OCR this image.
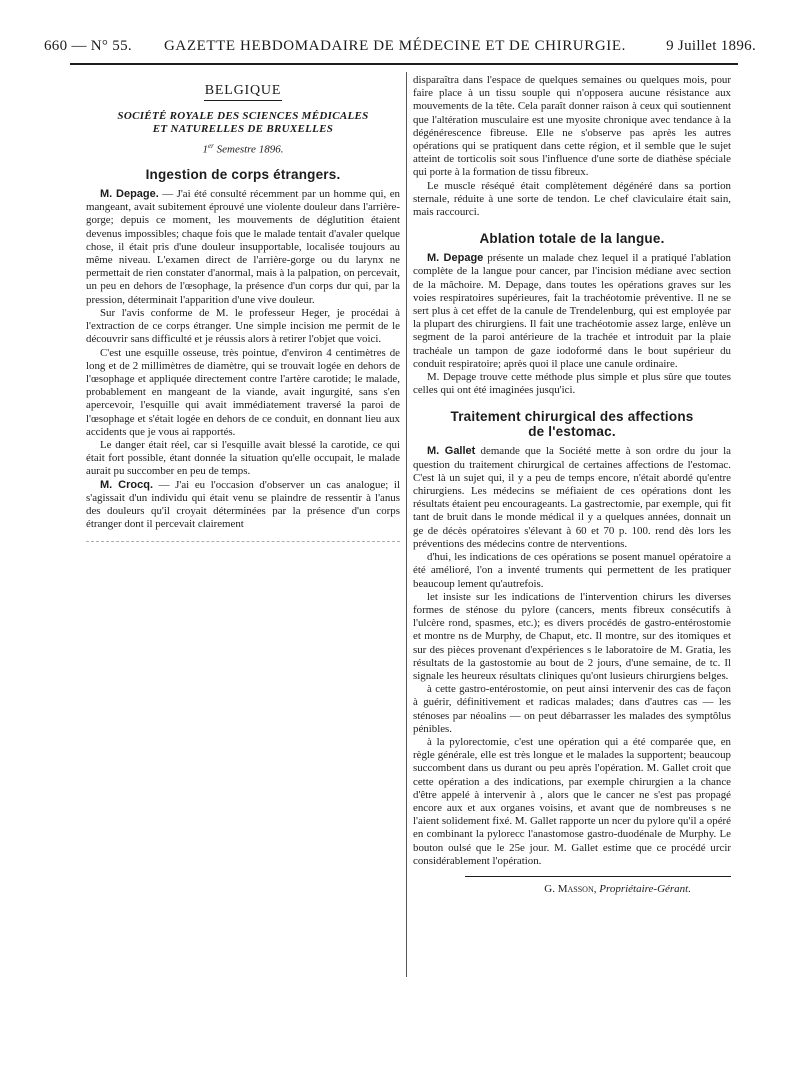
660 — N° 55.	GAZETTE HEBDOMADAIRE DE MÉDECINE ET DE CHIRURGIE.	9 Juillet 1896.
BELGIQUE
SOCIÉTÉ ROYALE DES SCIENCES MÉDICALES
ET NATURELLES DE BRUXELLES
1er Semestre 1896.
Ingestion de corps étrangers.

M. Depage. — J'ai été consulté récemment par un homme qui, en mangeant, avait subitement éprouvé une violente douleur dans l'arrière-gorge; depuis ce moment, les mouvements de déglutition étaient devenus impossibles; chaque fois que le malade tentait d'avaler quelque chose, il était pris d'une douleur insupportable, localisée toujours au même niveau. L'examen direct de l'arrière-gorge ou du larynx ne permettait de rien constater d'anormal, mais à la palpation, on percevait, un peu en dehors de l'œsophage, la présence d'un corps dur qui, par la pression, déterminait l'apparition d'une vive douleur.

Sur l'avis conforme de M. le professeur Heger, je procédai à l'extraction de ce corps étranger. Une simple incision me permit de le découvrir sans difficulté et je réussis alors à retirer l'objet que voici.

C'est une esquille osseuse, très pointue, d'environ 4 centimètres de long et de 2 millimètres de diamètre, qui se trouvait logée en dehors de l'œsophage et appliquée directement contre l'artère carotide; le malade, probablement en mangeant de la viande, avait ingurgité, sans s'en apercevoir, l'esquille qui avait immédiatement traversé la paroi de l'œsophage et s'était logée en dehors de ce conduit, en donnant lieu aux accidents que je vous ai rapportés.

Le danger était réel, car si l'esquille avait blessé la carotide, ce qui était fort possible, étant donnée la situation qu'elle occupait, le malade aurait pu succomber en peu de temps.

M. Crocq. — J'ai eu l'occasion d'observer un cas analogue; il s'agissait d'un individu qui était venu se plaindre de ressentir à l'anus des douleurs qu'il croyait déterminées par la présence d'un corps étranger dont il percevait clairement

disparaîtra dans l'espace de quelques semaines ou quelques mois, pour faire place à un tissu souple qui n'opposera aucune résistance aux mouvements de la tête. Cela paraît donner raison à ceux qui soutiennent que l'altération musculaire est une myosite chronique avec tendance à la dégénérescence fibreuse. Elle ne s'observe pas après les autres opérations qui se pratiquent dans cette région, et il semble que le sujet atteint de torticolis soit sous l'influence d'une sorte de diathèse spéciale qui porte à la formation de tissu fibreux.

Le muscle réséqué était complètement dégénéré dans sa portion sternale, réduite à une sorte de tendon. Le chef claviculaire était sain, mais raccourci.

Ablation totale de la langue.

M. Depage présente un malade chez lequel il a pratiqué l'ablation complète de la langue pour cancer, par l'incision médiane avec section de la mâchoire. M. Depage, dans toutes les opérations graves sur les voies respiratoires supérieures, fait la trachéotomie préventive. Il ne se sert plus à cet effet de la canule de Trendelenburg, qui est employée par la plupart des chirurgiens. Il fait une trachéotomie assez large, enlève un segment de la paroi antérieure de la trachée et introduit par la plaie trachéale un tampon de gaze iodoformé dans le bout supérieur du conduit respiratoire; après quoi il place une canule ordinaire.

M. Depage trouve cette méthode plus simple et plus sûre que toutes celles qui ont été imaginées jusqu'ici.

Traitement chirurgical des affections
de l'estomac.

M. Gallet demande que la Société mette à son ordre du jour la question du traitement chirurgical de certaines affections de l'estomac. C'est là un sujet qui, il y a peu de temps encore, n'était abordé qu'entre chirurgiens. Les médecins se méfiaient de ces opérations dont les résultats étaient peu encourageants. La gastrectomie, par exemple, qui fit tant de bruit dans le monde médical il y a quelques années, donnait un ge de décès opératoires s'élevant à 60 et 70 p. 100. rend dès lors les préventions des médecins contre de nterventions.

d'hui, les indications de ces opérations se posent manuel opératoire a été amélioré, l'on a inventé truments qui permettent de les pratiquer beaucoup lement qu'autrefois.

let insiste sur les indications de l'intervention chirurs les diverses formes de sténose du pylore (cancers, ments fibreux consécutifs à l'ulcère rond, spasmes, etc.); es divers procédés de gastro-entérostomie et montre ns de Murphy, de Chaput, etc. Il montre, sur des itomiques et sur des pièces provenant d'expériences s le laboratoire de M. Gratia, les résultats de la gastostomie au bout de 2 jours, d'une semaine, de tc. Il signale les heureux résultats cliniques qu'ont lusieurs chirurgiens belges.

à cette gastro-entérostomie, on peut ainsi intervenir des cas de façon à guérir, définitivement et radicas malades; dans d'autres cas — les sténoses par néoalins — on peut débarrasser les malades des symptôlus pénibles.

à la pylorectomie, c'est une opération qui a été comparée que, en règle générale, elle est très longue et le malades la supportent; beaucoup succombent dans us durant ou peu après l'opération. M. Gallet croit que cette opération a des indications, par exemple chirurgien a la chance d'être appelé à intervenir à , alors que le cancer ne s'est pas propagé encore aux et aux organes voisins, et avant que de nombreuses s ne l'aient solidement fixé. M. Gallet rapporte un ncer du pylore qu'il a opéré en combinant la pylorecc l'anastomose gastro-duodénale de Murphy. Le bouton oulsé que le 25e jour. M. Gallet estime que ce procédé urcir considérablement l'opération.

G. Masson, Propriétaire-Gérant.
